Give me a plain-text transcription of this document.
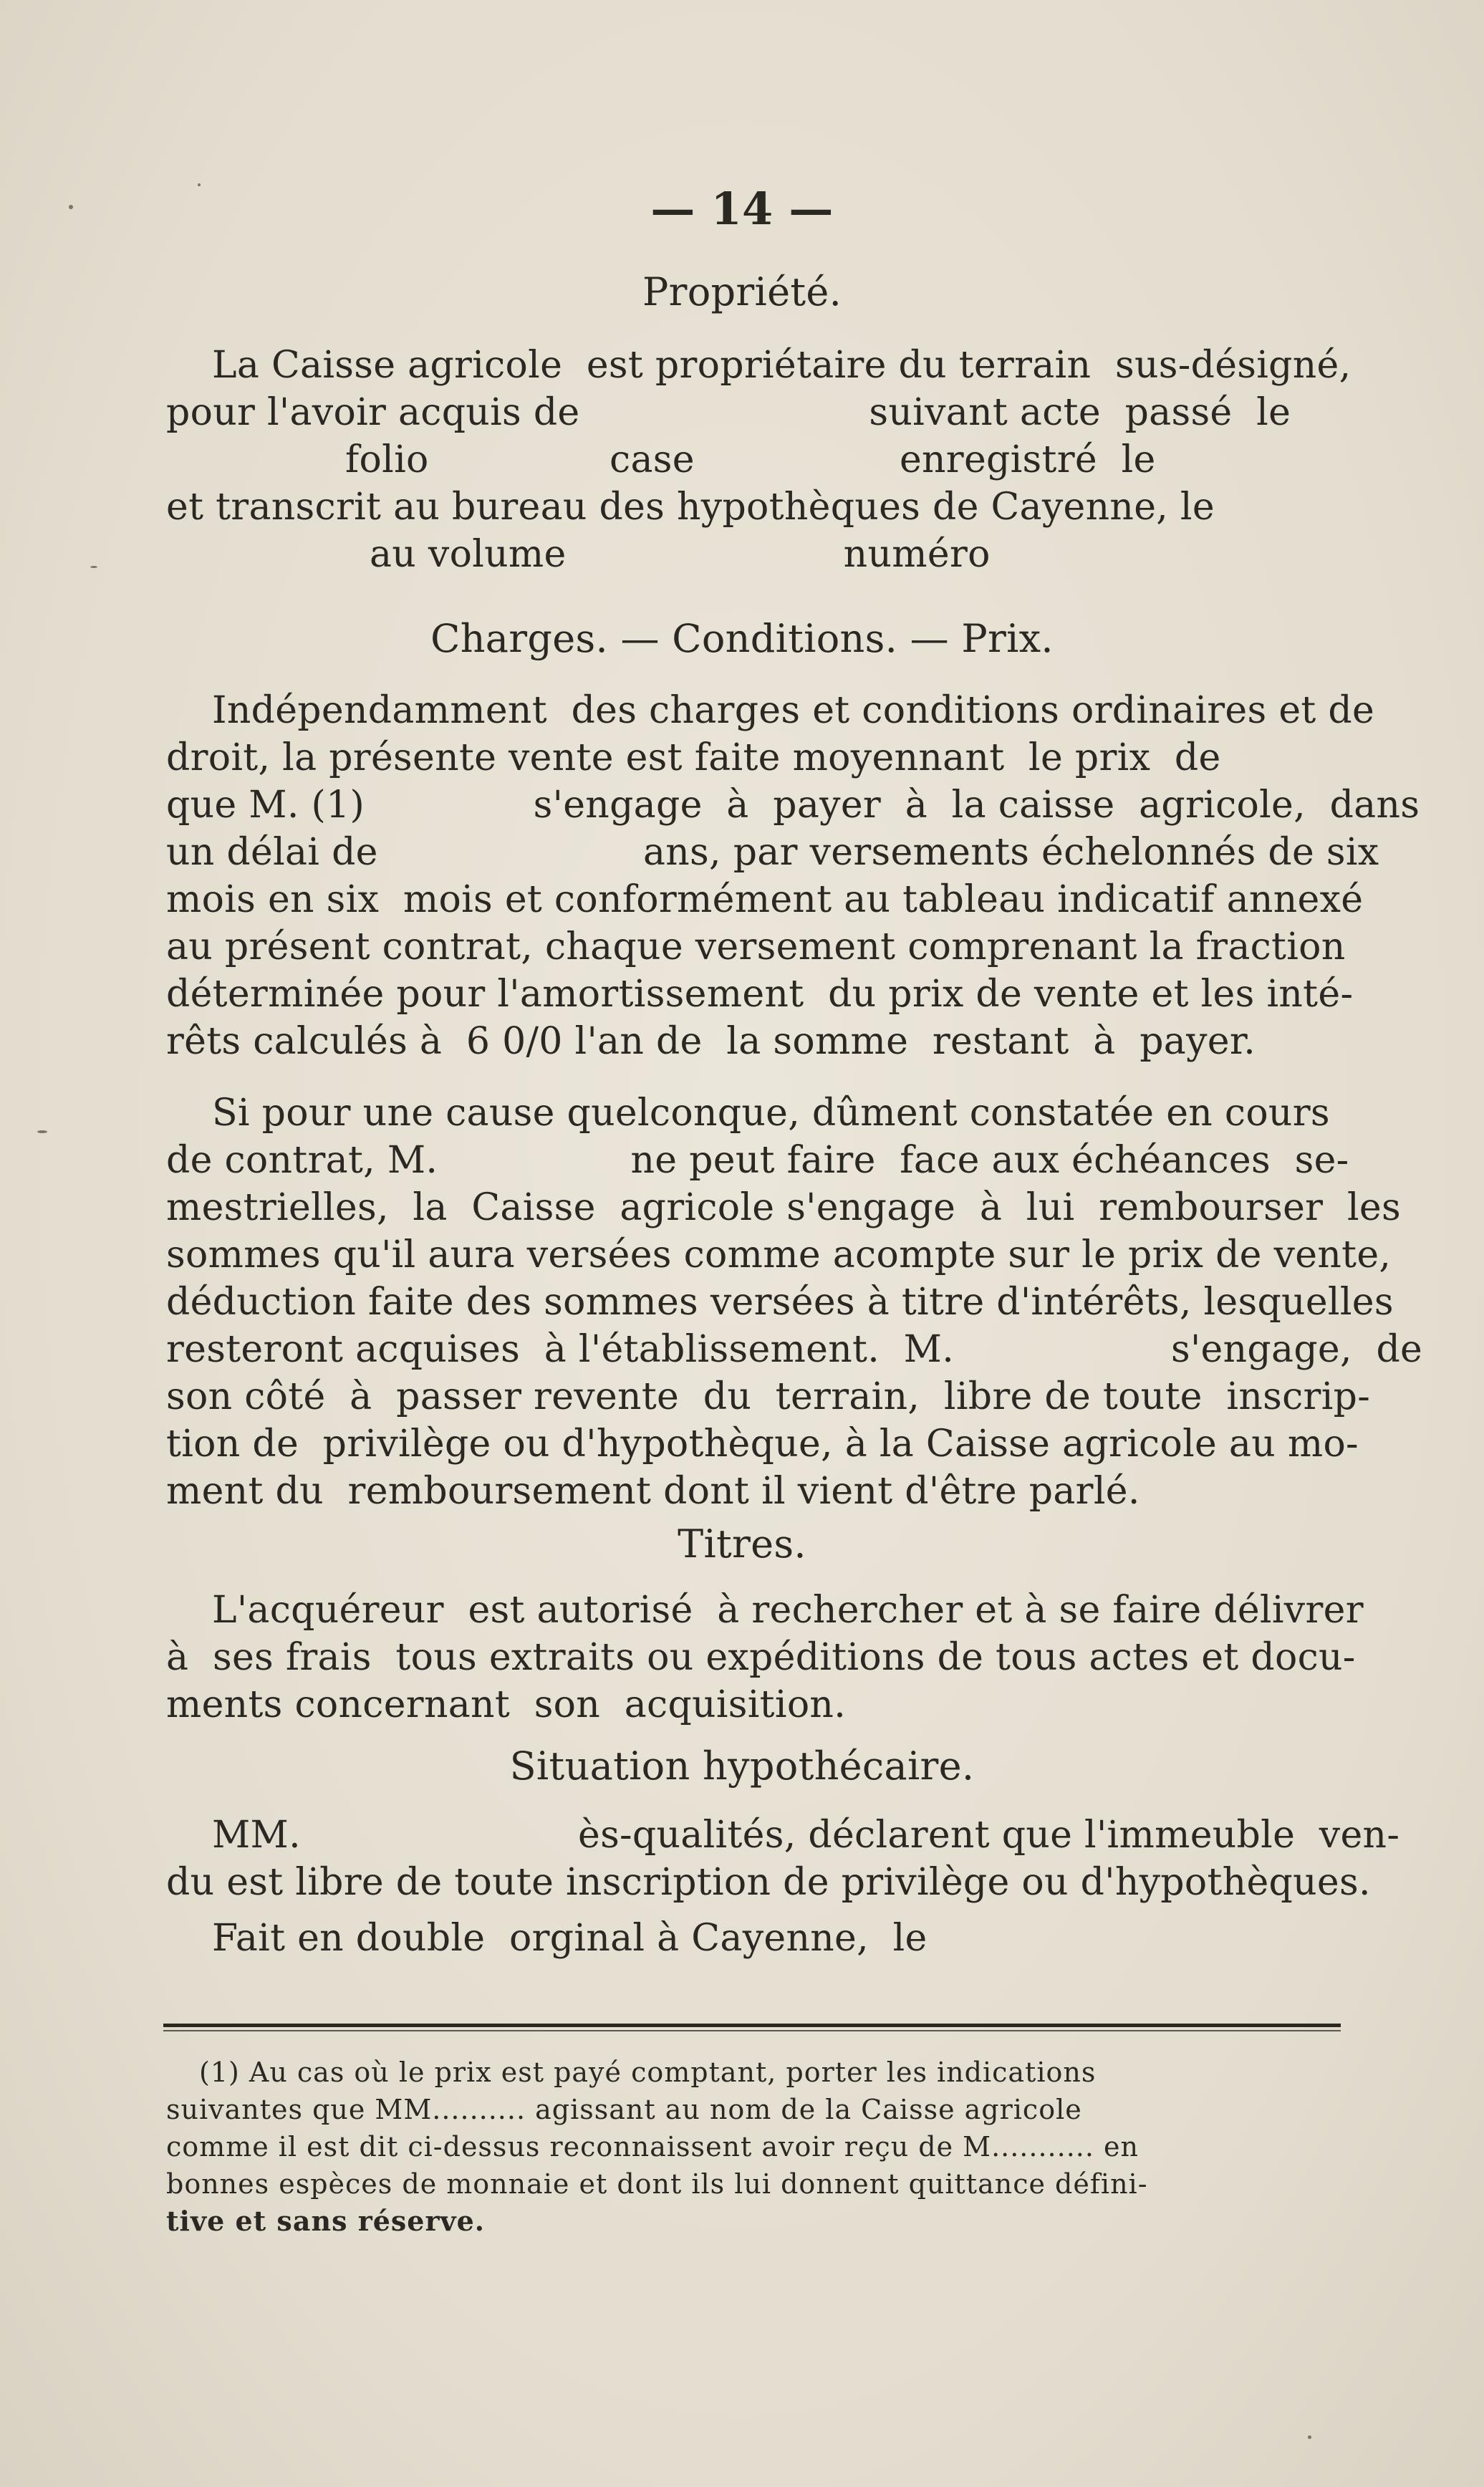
— 14 —
Propriété.
La Caisse agricole  est propriétaire du terrain  sus-désigné,
pour l'avoir acquis de                        suivant acte  passé  le
folio               case                 enregistré  le
et transcrit au bureau des hypothèques de Cayenne, le
au volume                       numéro
Charges. — Conditions. — Prix.
Indépendamment  des charges et conditions ordinaires et de
droit, la présente vente est faite moyennant  le prix  de
que M. (1)              s'engage  à  payer  à  la caisse  agricole,  dans
un délai de                      ans, par versements échelonnés de six
mois en six  mois et conformément au tableau indicatif annexé
au présent contrat, chaque versement comprenant la fraction
déterminée pour l'amortissement  du prix de vente et les inté-
rêts calculés à  6 0/0 l'an de  la somme  restant  à  payer.
Si pour une cause quelconque, dûment constatée en cours
de contrat, M.                ne peut faire  face aux échéances  se-
mestrielles,  la  Caisse  agricole s'engage  à  lui  rembourser  les
sommes qu'il aura versées comme acompte sur le prix de vente,
déduction faite des sommes versées à titre d'intérêts, lesquelles
resteront acquises  à l'établissement.  M.                  s'engage,  de
son côté  à  passer revente  du  terrain,  libre de toute  inscrip-
tion de  privilège ou d'hypothèque, à la Caisse agricole au mo-
ment du  remboursement dont il vient d'être parlé.
Titres.
L'acquéreur  est autorisé  à rechercher et à se faire délivrer
à  ses frais  tous extraits ou expéditions de tous actes et docu-
ments concernant  son  acquisition.
Situation hypothécaire.
MM.                       ès-qualités, déclarent que l'immeuble  ven-
du est libre de toute inscription de privilège ou d'hypothèques.
Fait en double  orginal à Cayenne,  le
(1) Au cas où le prix est payé comptant, porter les indications
suivantes que MM.......... agissant au nom de la Caisse agricole
comme il est dit ci-dessus reconnaissent avoir reçu de M........... en
bonnes espèces de monnaie et dont ils lui donnent quittance défini-
tive et sans réserve.
